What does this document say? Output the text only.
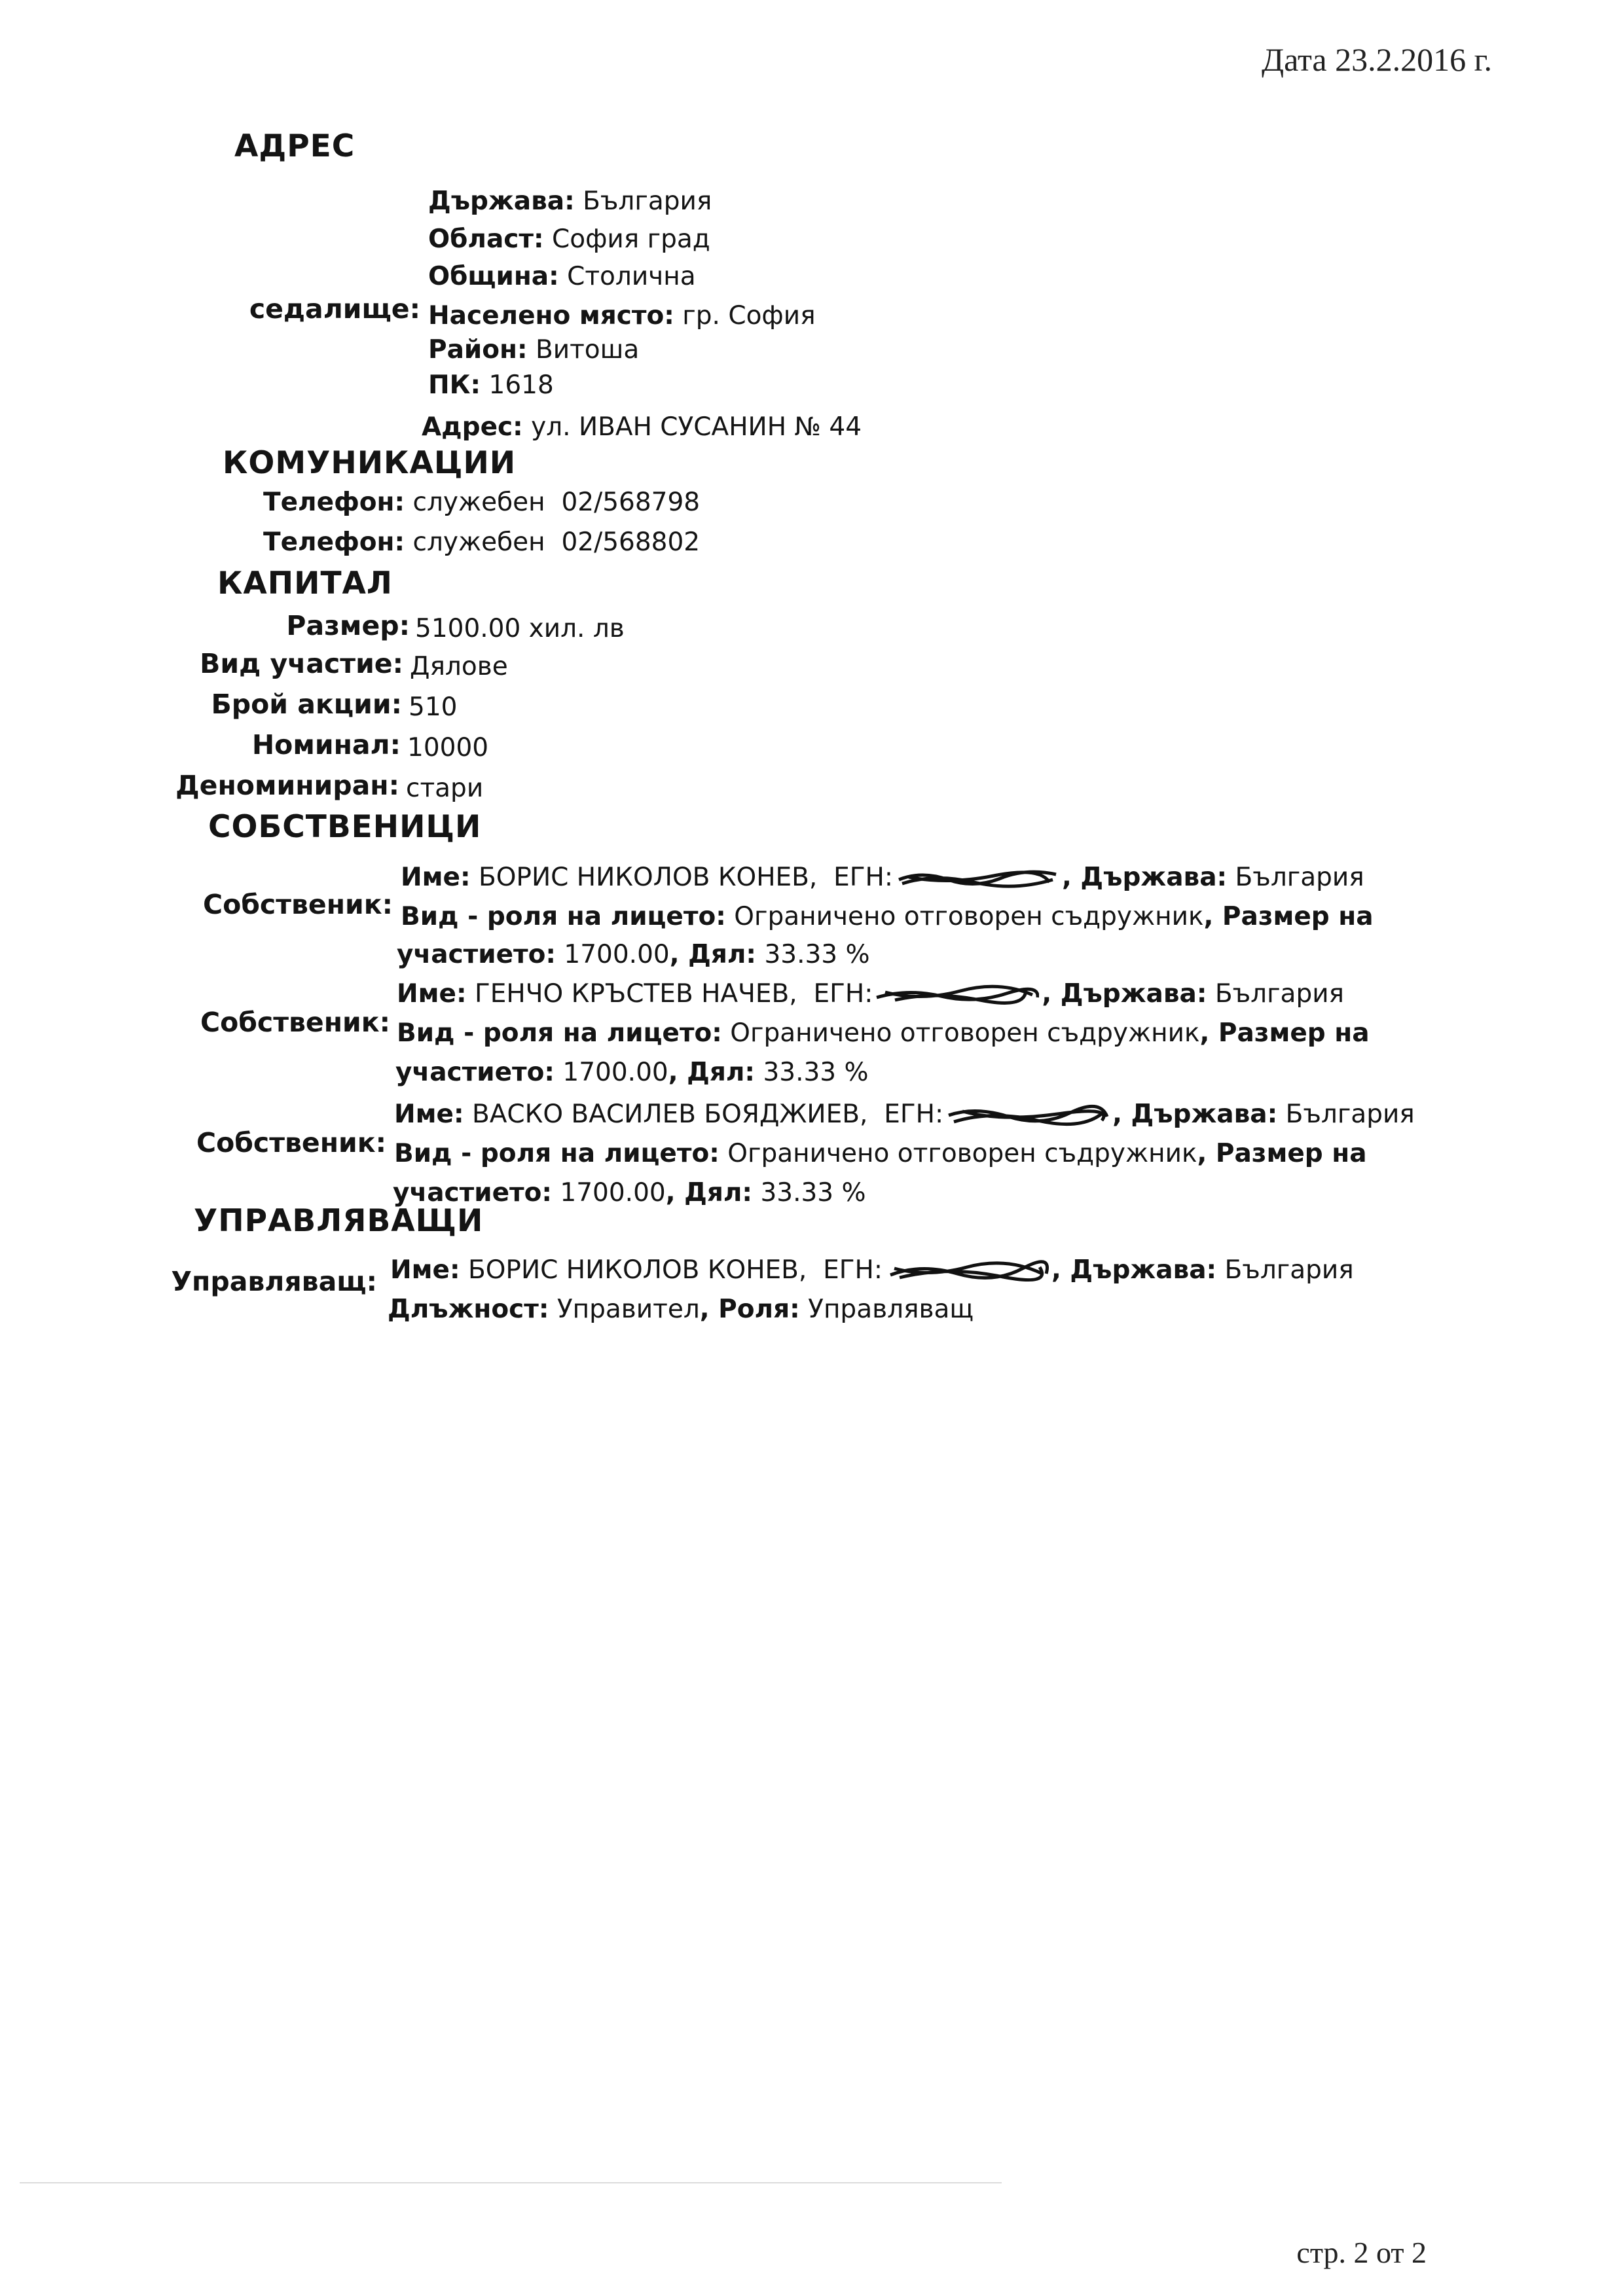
Дата 23.2.2016 г.
АДРЕС
седалище:
Държава: България
Област: София град
Община: Столична
Населено място: гр. София
Район: Витоша
ПК: 1618
Адрес: ул. ИВАН СУСАНИН № 44
КОМУНИКАЦИИ
Телефон: служебен 02/568798
Телефон: служебен 02/568802
КАПИТАЛ
Размер: 5100.00 хил. лв
Вид участие: Дялове
Брой акции: 510
Номинал: 10000
Деноминиран: стари
СОБСТВЕНИЦИ
Собственик:
Име: БОРИС НИКОЛОВ КОНЕВ, ЕГН:	, Държава: България
Вид - роля на лицето: Ограничено отговорен съдружник, Размер на
участието: 1700.00, Дял: 33.33 %
Собственик:
Име: ГЕНЧО КРЪСТЕВ НАЧЕВ, ЕГН:	, Държава: България
Вид - роля на лицето: Ограничено отговорен съдружник, Размер на
участието: 1700.00, Дял: 33.33 %
Собственик:
Име: ВАСКО ВАСИЛЕВ БОЯДЖИЕВ, ЕГН:	, Държава: България
Вид - роля на лицето: Ограничено отговорен съдружник, Размер на
участието: 1700.00, Дял: 33.33 %
УПРАВЛЯВАЩИ
Управляващ: Име: БОРИС НИКОЛОВ КОНЕВ, ЕГН:	, Държава: България
Длъжност: Управител, Роля: Управляващ
стр. 2 от 2
